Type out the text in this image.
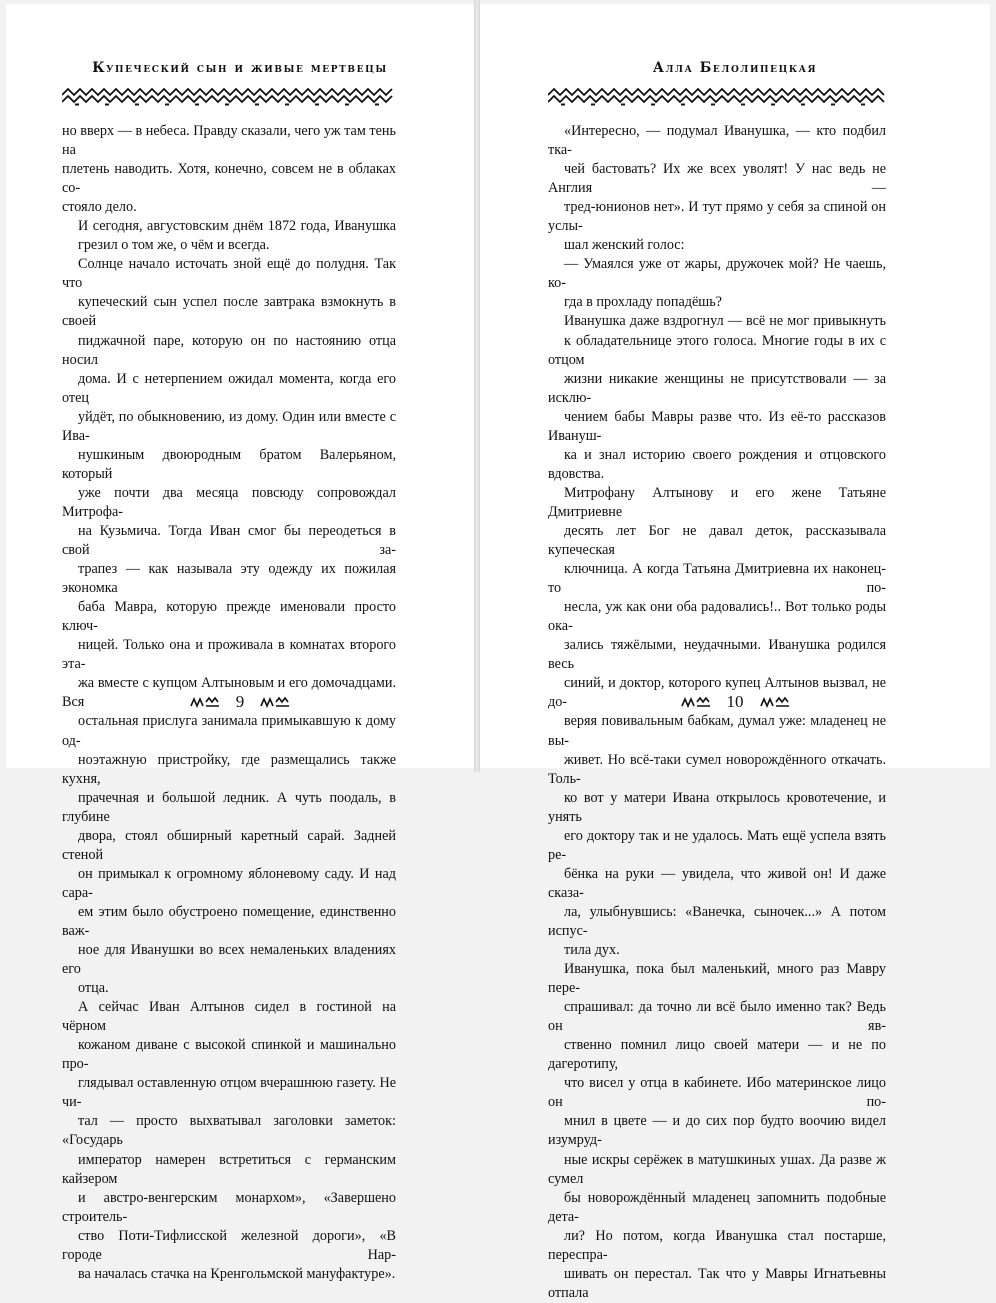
Купеческий сын и живые мертвецы

но вверх — в небеса. Правду сказали, чего уж там тень на
плетень наводить. Хотя, конечно, совсем не в облаках со-
стояло дело.

И сегодня, августовским днём 1872 года, Иванушка
грезил о том же, о чём и всегда.

Солнце начало источать зной ещё до полудня. Так что
купеческий сын успел после завтрака взмокнуть в своей
пиджачной паре, которую он по настоянию отца носил
дома. И с нетерпением ожидал момента, когда его отец
уйдёт, по обыкновению, из дому. Один или вместе с Ива-
нушкиным двоюродным братом Валерьяном, который
уже почти два месяца повсюду сопровождал Митрофа-
на Кузьмича. Тогда Иван смог бы переодеться в свой за-
трапез — как называла эту одежду их пожилая экономка
баба Мавра, которую прежде именовали просто ключ-
ницей. Только она и проживала в комнатах второго эта-
жа вместе с купцом Алтыновым и его домочадцами. Вся
остальная прислуга занимала примыкавшую к дому од-
ноэтажную пристройку, где размещались также кухня,
прачечная и большой ледник. А чуть поодаль, в глубине
двора, стоял обширный каретный сарай. Задней стеной
он примыкал к огромному яблоневому саду. И над сара-
ем этим было обустроено помещение, единственно важ-
ное для Иванушки во всех немаленьких владениях его
отца.

А сейчас Иван Алтынов сидел в гостиной на чёрном
кожаном диване с высокой спинкой и машинально про-
глядывал оставленную отцом вчерашнюю газету. Не чи-
тал — просто выхватывал заголовки заметок: «Государь
император намерен встретиться с германским кайзером
и австро-венгерским монархом», «Завершено строитель-
ство Поти-Тифлисской железной дороги», «В городе Нар-
ва началась стачка на Кренгольмской мануфактуре».

9
Алла Белолипецкая

«Интересно, — подумал Иванушка, — кто подбил тка-
чей бастовать? Их же всех уволят! У нас ведь не Англия —
тред-юнионов нет». И тут прямо у себя за спиной он услы-
шал женский голос:

— Умаялся уже от жары, дружочек мой? Не чаешь, ко-
гда в прохладу попадёшь?

Иванушка даже вздрогнул — всё не мог привыкнуть
к обладательнице этого голоса. Многие годы в их с отцом
жизни никакие женщины не присутствовали — за исклю-
чением бабы Мавры разве что. Из её-то рассказов Ивануш-
ка и знал историю своего рождения и отцовского вдовства.

Митрофану Алтынову и его жене Татьяне Дмитриевне
десять лет Бог не давал деток, рассказывала купеческая
ключница. А когда Татьяна Дмитриевна их наконец-то по-
несла, уж как они оба радовались!.. Вот только роды ока-
зались тяжёлыми, неудачными. Иванушка родился весь
синий, и доктор, которого купец Алтынов вызвал, не до-
веряя повивальным бабкам, думал уже: младенец не вы-
живет. Но всё-таки сумел новорождённого откачать. Толь-
ко вот у матери Ивана открылось кровотечение, и унять
его доктору так и не удалось. Мать ещё успела взять ре-
бёнка на руки — увидела, что живой он! И даже сказа-
ла, улыбнувшись: «Ванечка, сыночек...» А потом испус-
тила дух.

Иванушка, пока был маленький, много раз Мавру пере-
спрашивал: да точно ли всё было именно так? Ведь он яв-
ственно помнил лицо своей матери — и не по дагеротипу,
что висел у отца в кабинете. Ибо материнское лицо он по-
мнил в цвете — и до сих пор будто воочию видел изумруд-
ные искры серёжек в матушкиных ушах. Да разве ж сумел
бы новорождённый младенец запомнить подобные дета-
ли? Но потом, когда Иванушка стал постарше, переспра-
шивать он перестал. Так что у Мавры Игнатьевны отпала

10
